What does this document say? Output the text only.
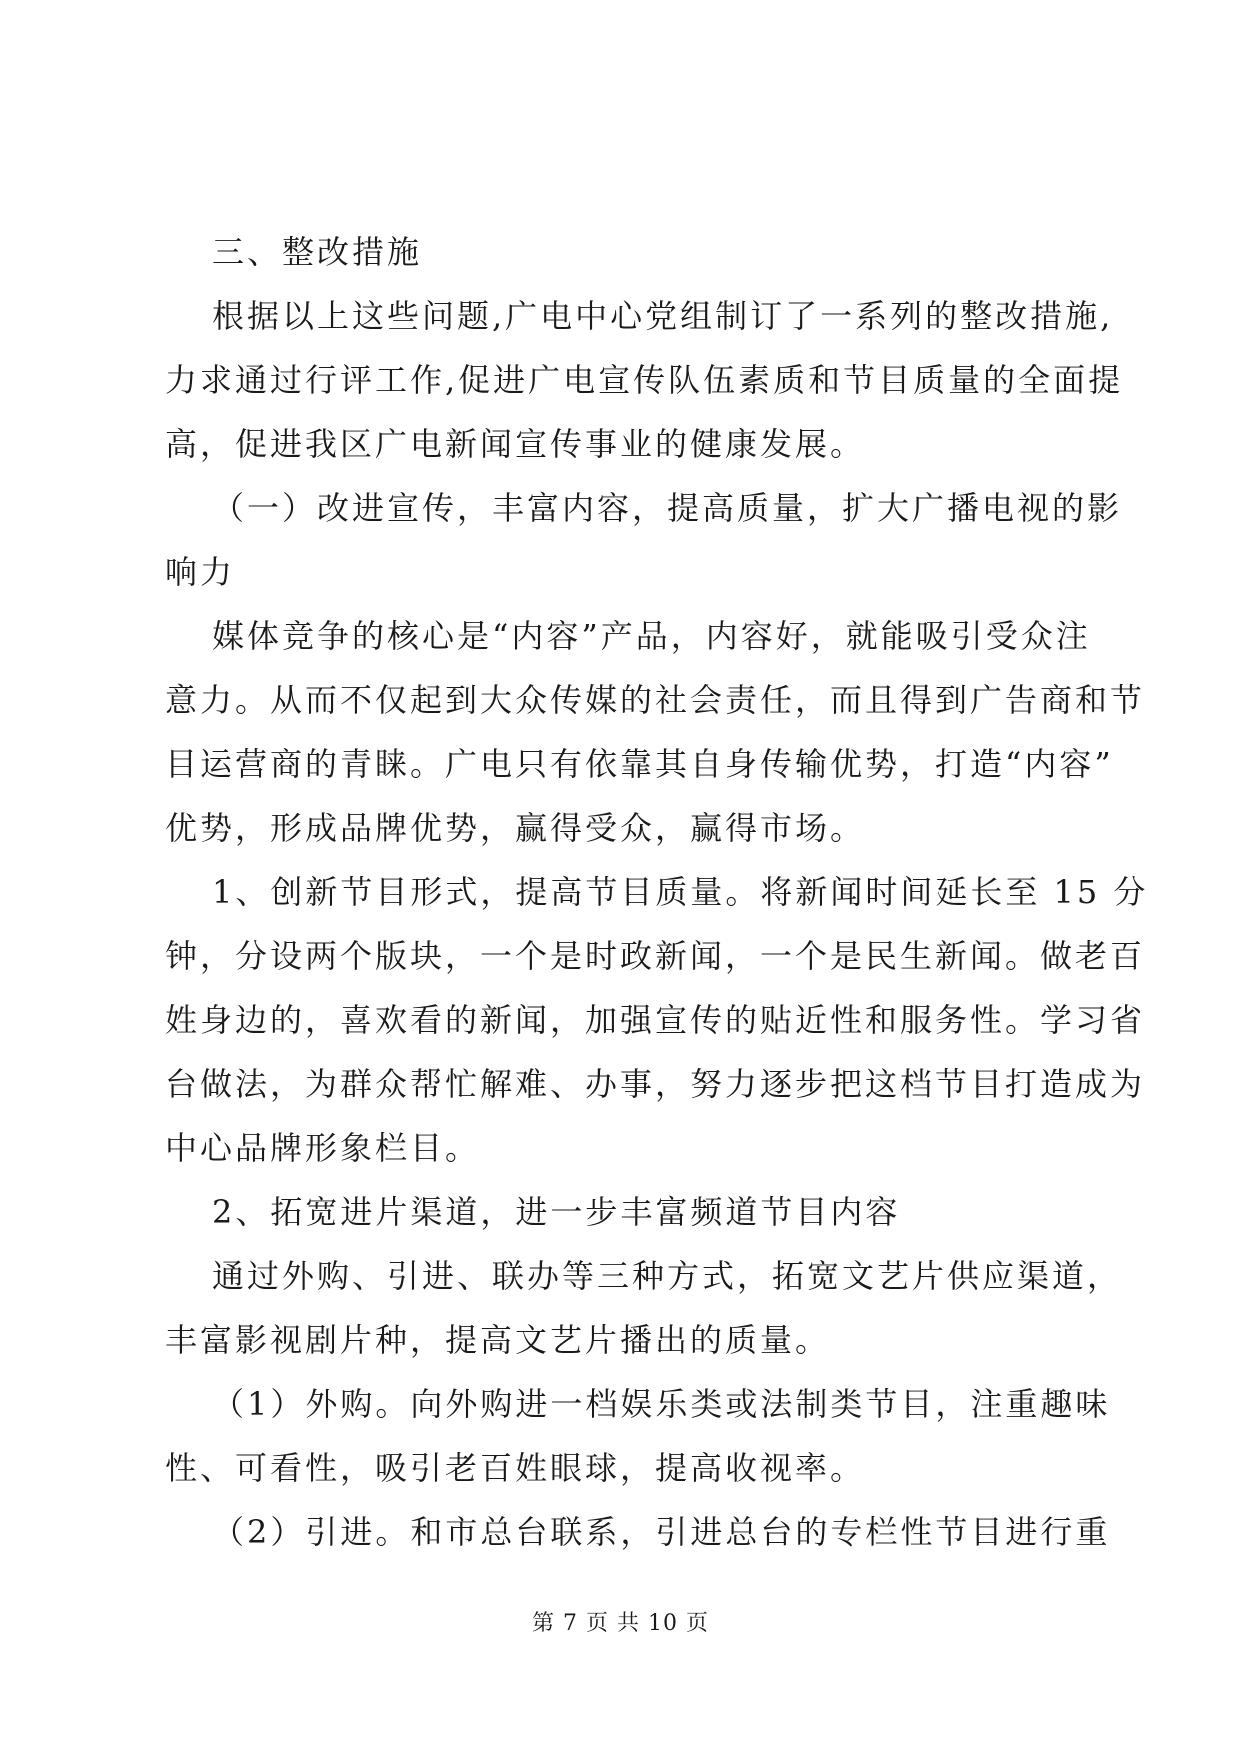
三、整改措施
根据以上这些问题,广电中心党组制订了一系列的整改措施,
力求通过行评工作,促进广电宣传队伍素质和节目质量的全面提
高，促进我区广电新闻宣传事业的健康发展。
（一）改进宣传，丰富内容，提高质量，扩大广播电视的影
响力
媒体竞争的核心是“内容”产品，内容好，就能吸引受众注
意力。从而不仅起到大众传媒的社会责任，而且得到广告商和节
目运营商的青睐。广电只有依靠其自身传输优势，打造“内容”
优势，形成品牌优势，赢得受众，赢得市场。
1、创新节目形式，提高节目质量。将新闻时间延长至 15 分
钟，分设两个版块，一个是时政新闻，一个是民生新闻。做老百
姓身边的，喜欢看的新闻，加强宣传的贴近性和服务性。学习省
台做法，为群众帮忙解难、办事，努力逐步把这档节目打造成为
中心品牌形象栏目。
2、拓宽进片渠道，进一步丰富频道节目内容
通过外购、引进、联办等三种方式，拓宽文艺片供应渠道，
丰富影视剧片种，提高文艺片播出的质量。
（1）外购。向外购进一档娱乐类或法制类节目，注重趣味
性、可看性，吸引老百姓眼球，提高收视率。
（2）引进。和市总台联系，引进总台的专栏性节目进行重
第 7 页 共 10 页
